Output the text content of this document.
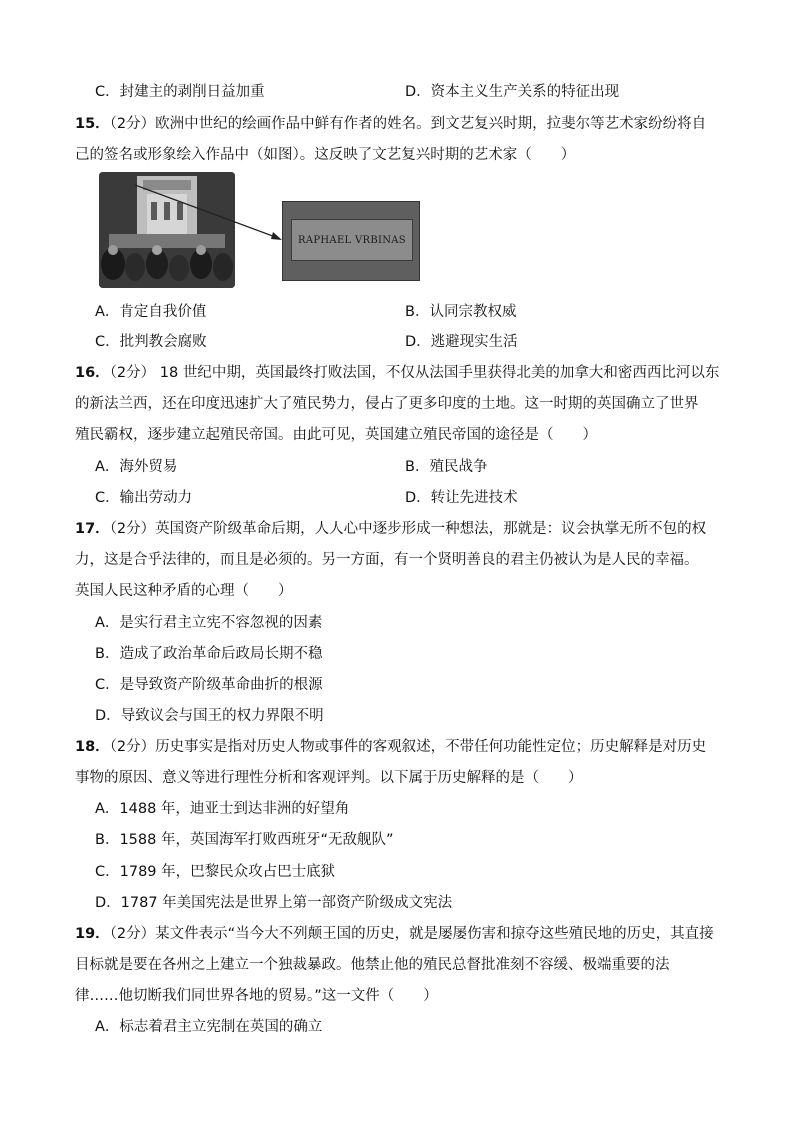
C．封建主的剥削日益加重	D．资本主义生产关系的特征出现
15．（2分）欧洲中世纪的绘画作品中鲜有作者的姓名。到文艺复兴时期，拉斐尔等艺术家纷纷将自
己的签名或形象绘入作品中（如图）。这反映了文艺复兴时期的艺术家（　　）
RAPHAEL VRBINAS
A．肯定自我价值	B．认同宗教权威
C．批判教会腐败	D．逃避现实生活
16．（2分） 18 世纪中期，英国最终打败法国，不仅从法国手里获得北美的加拿大和密西西比河以东
的新法兰西，还在印度迅速扩大了殖民势力，侵占了更多印度的土地。这一时期的英国确立了世界
殖民霸权，逐步建立起殖民帝国。由此可见，英国建立殖民帝国的途径是（　　）
A．海外贸易	B．殖民战争
C．输出劳动力	D．转让先进技术
17．（2分）英国资产阶级革命后期，人人心中逐步形成一种想法，那就是：议会执掌无所不包的权
力，这是合乎法律的，而且是必须的。另一方面，有一个贤明善良的君主仍被认为是人民的幸福。
英国人民这种矛盾的心理（　　）
A．是实行君主立宪不容忽视的因素
B．造成了政治革命后政局长期不稳
C．是导致资产阶级革命曲折的根源
D．导致议会与国王的权力界限不明
18．（2分）历史事实是指对历史人物或事件的客观叙述，不带任何功能性定位；历史解释是对历史
事物的原因、意义等进行理性分析和客观评判。以下属于历史解释的是（　　）
A．1488 年，迪亚士到达非洲的好望角
B．1588 年，英国海军打败西班牙“无敌舰队”
C．1789 年，巴黎民众攻占巴士底狱
D．1787 年美国宪法是世界上第一部资产阶级成文宪法
19．（2分）某文件表示“当今大不列颠王国的历史，就是屡屡伤害和掠夺这些殖民地的历史，其直接
目标就是要在各州之上建立一个独裁暴政。他禁止他的殖民总督批准刻不容缓、极端重要的法
律……他切断我们同世界各地的贸易。”这一文件（　　）
A．标志着君主立宪制在英国的确立
